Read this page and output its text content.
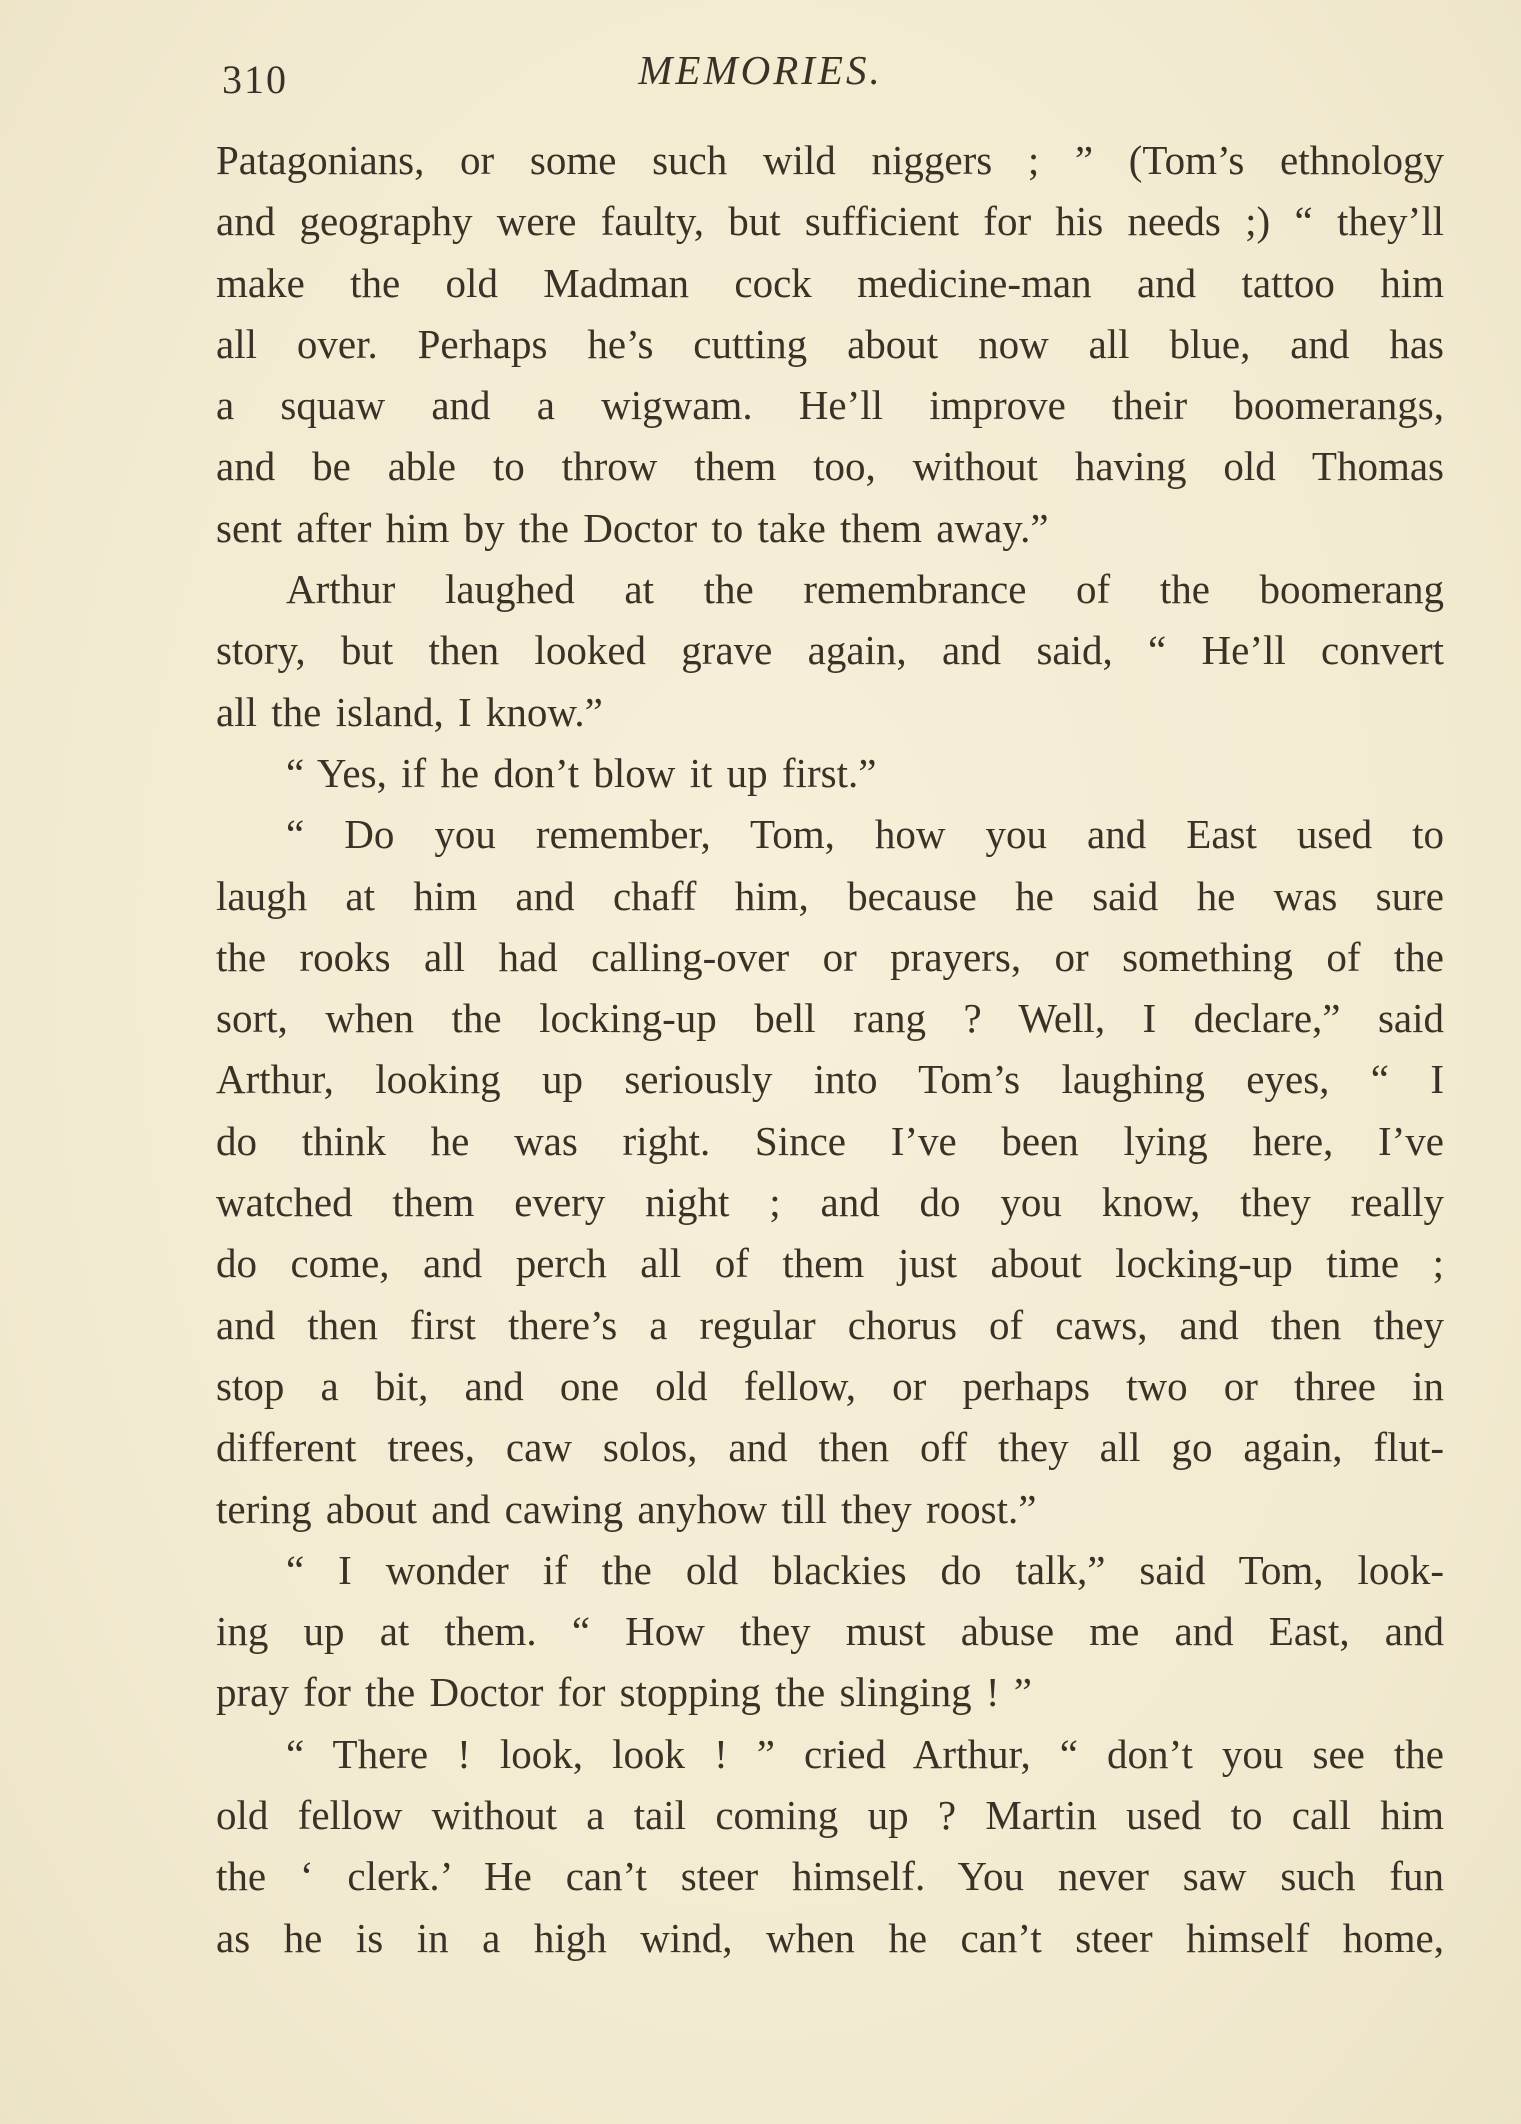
310	MEMORIES.
Patagonians, or some such wild niggers ; ” (Tom’s ethnology
and geography were faulty, but sufficient for his needs ;) “ they’ll
make the old Madman cock medicine-man and tattoo him
all over. Perhaps he’s cutting about now all blue, and has
a squaw and a wigwam. He’ll improve their boomerangs,
and be able to throw them too, without having old Thomas
sent after him by the Doctor to take them away.”
Arthur laughed at the remembrance of the boomerang
story, but then looked grave again, and said, “ He’ll convert
all the island, I know.”
“ Yes, if he don’t blow it up first.”
“ Do you remember, Tom, how you and East used to
laugh at him and chaff him, because he said he was sure
the rooks all had calling-over or prayers, or something of the
sort, when the locking-up bell rang ? Well, I declare,” said
Arthur, looking up seriously into Tom’s laughing eyes, “ I
do think he was right. Since I’ve been lying here, I’ve
watched them every night ; and do you know, they really
do come, and perch all of them just about locking-up time ;
and then first there’s a regular chorus of caws, and then they
stop a bit, and one old fellow, or perhaps two or three in
different trees, caw solos, and then off they all go again, flut-
tering about and cawing anyhow till they roost.”
“ I wonder if the old blackies do talk,” said Tom, look-
ing up at them. “ How they must abuse me and East, and
pray for the Doctor for stopping the slinging ! ”
“ There ! look, look ! ” cried Arthur, “ don’t you see the
old fellow without a tail coming up ? Martin used to call him
the ‘ clerk.’ He can’t steer himself. You never saw such fun
as he is in a high wind, when he can’t steer himself home,
